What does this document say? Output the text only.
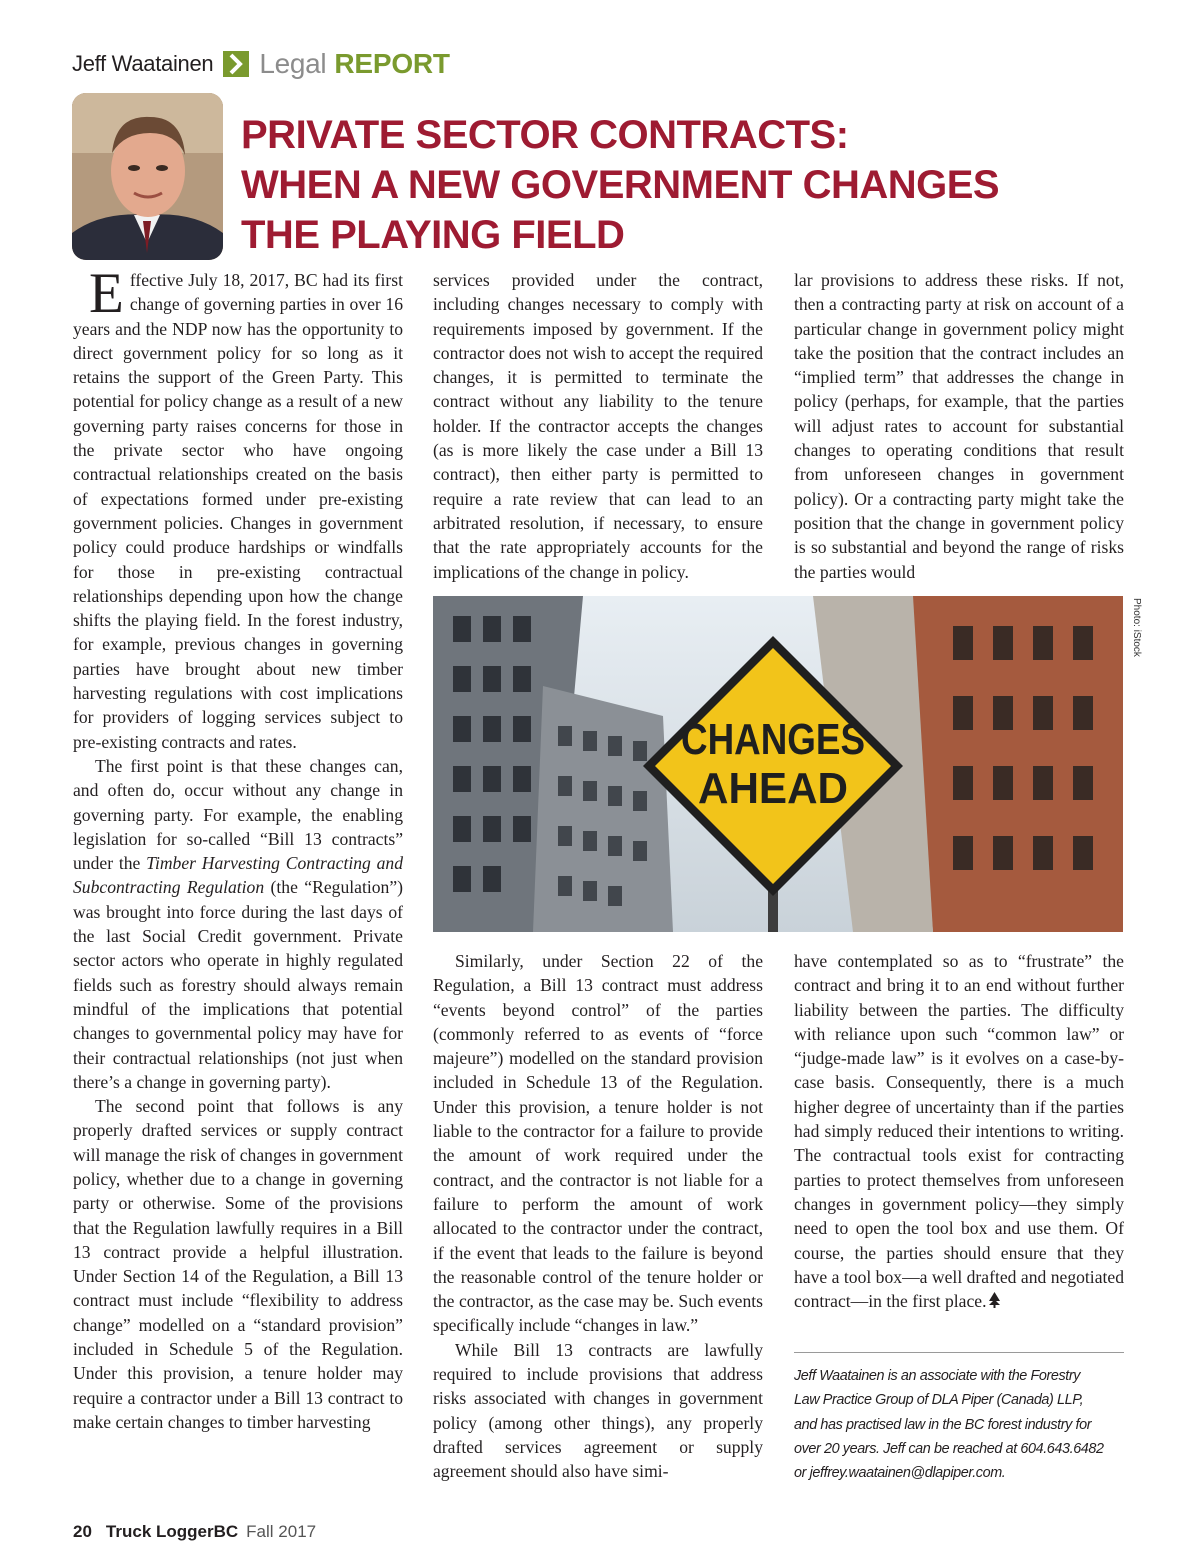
Jeff Waatainen Legal REPORT
PRIVATE SECTOR CONTRACTS:
WHEN A NEW GOVERNMENT CHANGES
THE PLAYING FIELD

Effective July 18, 2017, BC had its first change of governing parties in over 16 years and the NDP now has the opportunity to direct government policy for so long as it retains the support of the Green Party. This potential for policy change as a result of a new governing party raises concerns for those in the private sector who have ongoing contractual relationships created on the basis of expectations formed under pre-existing government policies. Changes in government policy could produce hardships or windfalls for those in pre-existing contractual relationships depending upon how the change shifts the playing field. In the forest industry, for example, previous changes in governing parties have brought about new timber harvesting regulations with cost implications for providers of logging services subject to pre-existing contracts and rates.

The first point is that these changes can, and often do, occur without any change in governing party. For example, the enabling legislation for so-called “Bill 13 contracts” under the Timber Harvesting Contracting and Subcontracting Regulation (the “Regulation”) was brought into force during the last days of the last Social Credit government. Private sector actors who operate in highly regulated fields such as forestry should always remain mindful of the implications that potential changes to governmental policy may have for their contractual relationships (not just when there’s a change in governing party).

The second point that follows is any properly drafted services or supply contract will manage the risk of changes in government policy, whether due to a change in governing party or otherwise. Some of the provisions that the Regulation lawfully requires in a Bill 13 contract provide a helpful illustration. Under Section 14 of the Regulation, a Bill 13 contract must include “flexibility to address change” modelled on a “standard provision” included in Schedule 5 of the Regulation. Under this provision, a tenure holder may require a contractor under a Bill 13 contract to make certain changes to timber harvesting

services provided under the contract, including changes necessary to comply with requirements imposed by government. If the contractor does not wish to accept the required changes, it is permitted to terminate the contract without any liability to the tenure holder. If the contractor accepts the changes (as is more likely the case under a Bill 13 contract), then either party is permitted to require a rate review that can lead to an arbitrated resolution, if necessary, to ensure that the rate appropriately accounts for the implications of the change in policy.

lar provisions to address these risks. If not, then a contracting party at risk on account of a particular change in government policy might take the position that the contract includes an “implied term” that addresses the change in policy (perhaps, for example, that the parties will adjust rates to account for substantial changes to operating conditions that result from unforeseen changes in government policy). Or a contracting party might take the position that the change in government policy is so substantial and beyond the range of risks the parties would

CHANGES
AHEAD
Photo: iStock

Similarly, under Section 22 of the Regulation, a Bill 13 contract must address “events beyond control” of the parties (commonly referred to as events of “force majeure”) modelled on the standard provision included in Schedule 13 of the Regulation. Under this provision, a tenure holder is not liable to the contractor for a failure to provide the amount of work required under the contract, and the contractor is not liable for a failure to perform the amount of work allocated to the contractor under the contract, if the event that leads to the failure is beyond the reasonable control of the tenure holder or the contractor, as the case may be. Such events specifically include “changes in law.”

While Bill 13 contracts are lawfully required to include provisions that address risks associated with changes in government policy (among other things), any properly drafted services agreement or supply agreement should also have simi-

have contemplated so as to “frustrate” the contract and bring it to an end without further liability between the parties. The difficulty with reliance upon such “common law” or “judge-made law” is it evolves on a case-by-case basis. Consequently, there is a much higher degree of uncertainty than if the parties had simply reduced their intentions to writing. The contractual tools exist for contracting parties to protect themselves from unforeseen changes in government policy—they simply need to open the tool box and use them. Of course, the parties should ensure that they have a tool box—a well drafted and negotiated contract—in the first place.

Jeff Waatainen is an associate with the Forestry
Law Practice Group of DLA Piper (Canada) LLP,
and has practised law in the BC forest industry for
over 20 years. Jeff can be reached at 604.643.6482
or jeffrey.waatainen@dlapiper.com.
20 Truck LoggerBC Fall 2017
